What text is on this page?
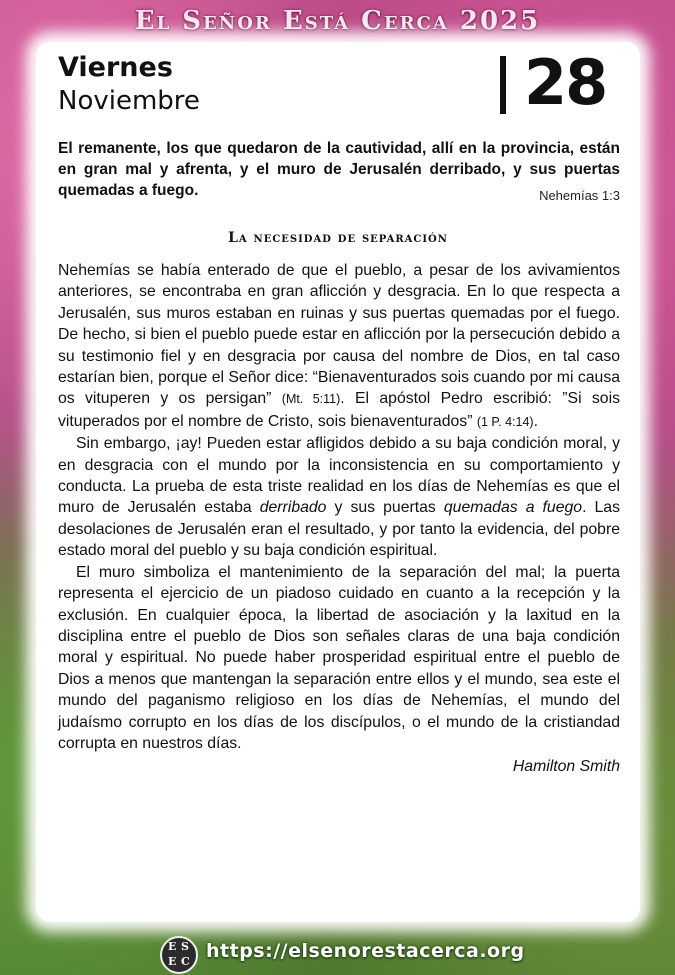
El Señor Está Cerca 2025
Viernes
Noviembre	28
El remanente, los que quedaron de la cautividad, allí en la provincia, están en gran mal y afrenta, y el muro de Jerusalén derribado, y sus puertas quemadas a fuego.	Nehemías 1:3
La necesidad de separación

Nehemías se había enterado de que el pueblo, a pesar de los avivamientos anteriores, se encontraba en gran aflicción y desgracia. En lo que respecta a Jerusalén, sus muros estaban en ruinas y sus puertas quemadas por el fuego. De hecho, si bien el pueblo puede estar en aflicción por la persecución debido a su testimonio fiel y en desgracia por causa del nombre de Dios, en tal caso estarían bien, porque el Señor dice: “Bienaventurados sois cuando por mi causa os vituperen y os persigan” (Mt. 5:11). El apóstol Pedro escribió: ”Si sois vituperados por el nombre de Cristo, sois bienaventurados” (1 P. 4:14).

Sin embargo, ¡ay! Pueden estar afligidos debido a su baja condición moral, y en desgracia con el mundo por la inconsistencia en su comportamiento y conducta. La prueba de esta triste realidad en los días de Nehemías es que el muro de Jerusalén estaba derribado y sus puertas quemadas a fuego. Las desolaciones de Jerusalén eran el resultado, y por tanto la evidencia, del pobre estado moral del pueblo y su baja condición espiritual.

El muro simboliza el mantenimiento de la separación del mal; la puerta representa el ejercicio de un piadoso cuidado en cuanto a la recepción y la exclusión. En cualquier época, la libertad de asociación y la laxitud en la disciplina entre el pueblo de Dios son señales claras de una baja condición moral y espiritual. No puede haber prosperidad espiritual entre el pueblo de Dios a menos que mantengan la separación entre ellos y el mundo, sea este el mundo del paganismo religioso en los días de Nehemías, el mundo del judaísmo corrupto en los días de los discípulos, o el mundo de la cristiandad corrupta en nuestros días.

Hamilton Smith
E S
E C https://elsenorestacerca.org
